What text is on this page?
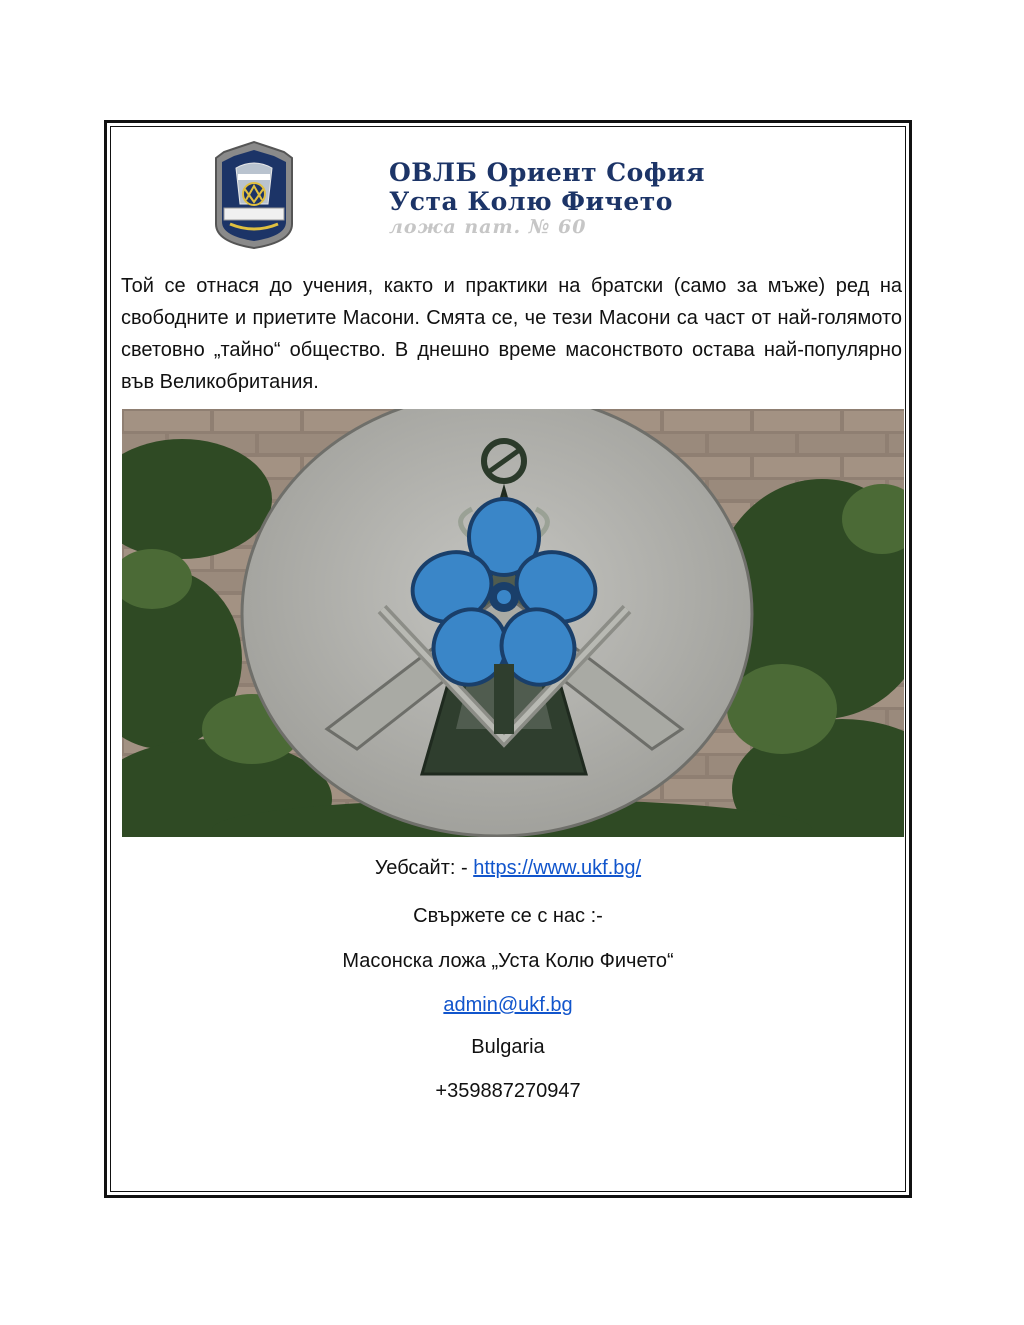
ОВЛБ Ориент София
Уста Колю Фичето
ложа пат. № 60

Той се отнася до учения, както и практики на братски (само за мъже) ред на свободните и приетите Масони. Смята се, че тези Масони са част от най-голямото световно „тайно“ общество. В днешно време масонството остава най-популярно във Великобритания.

Уебсайт: - https://www.ukf.bg/
Свържете се с нас :-
Масонска ложа „Уста Колю Фичето“
admin@ukf.bg
Bulgaria
+359887270947
